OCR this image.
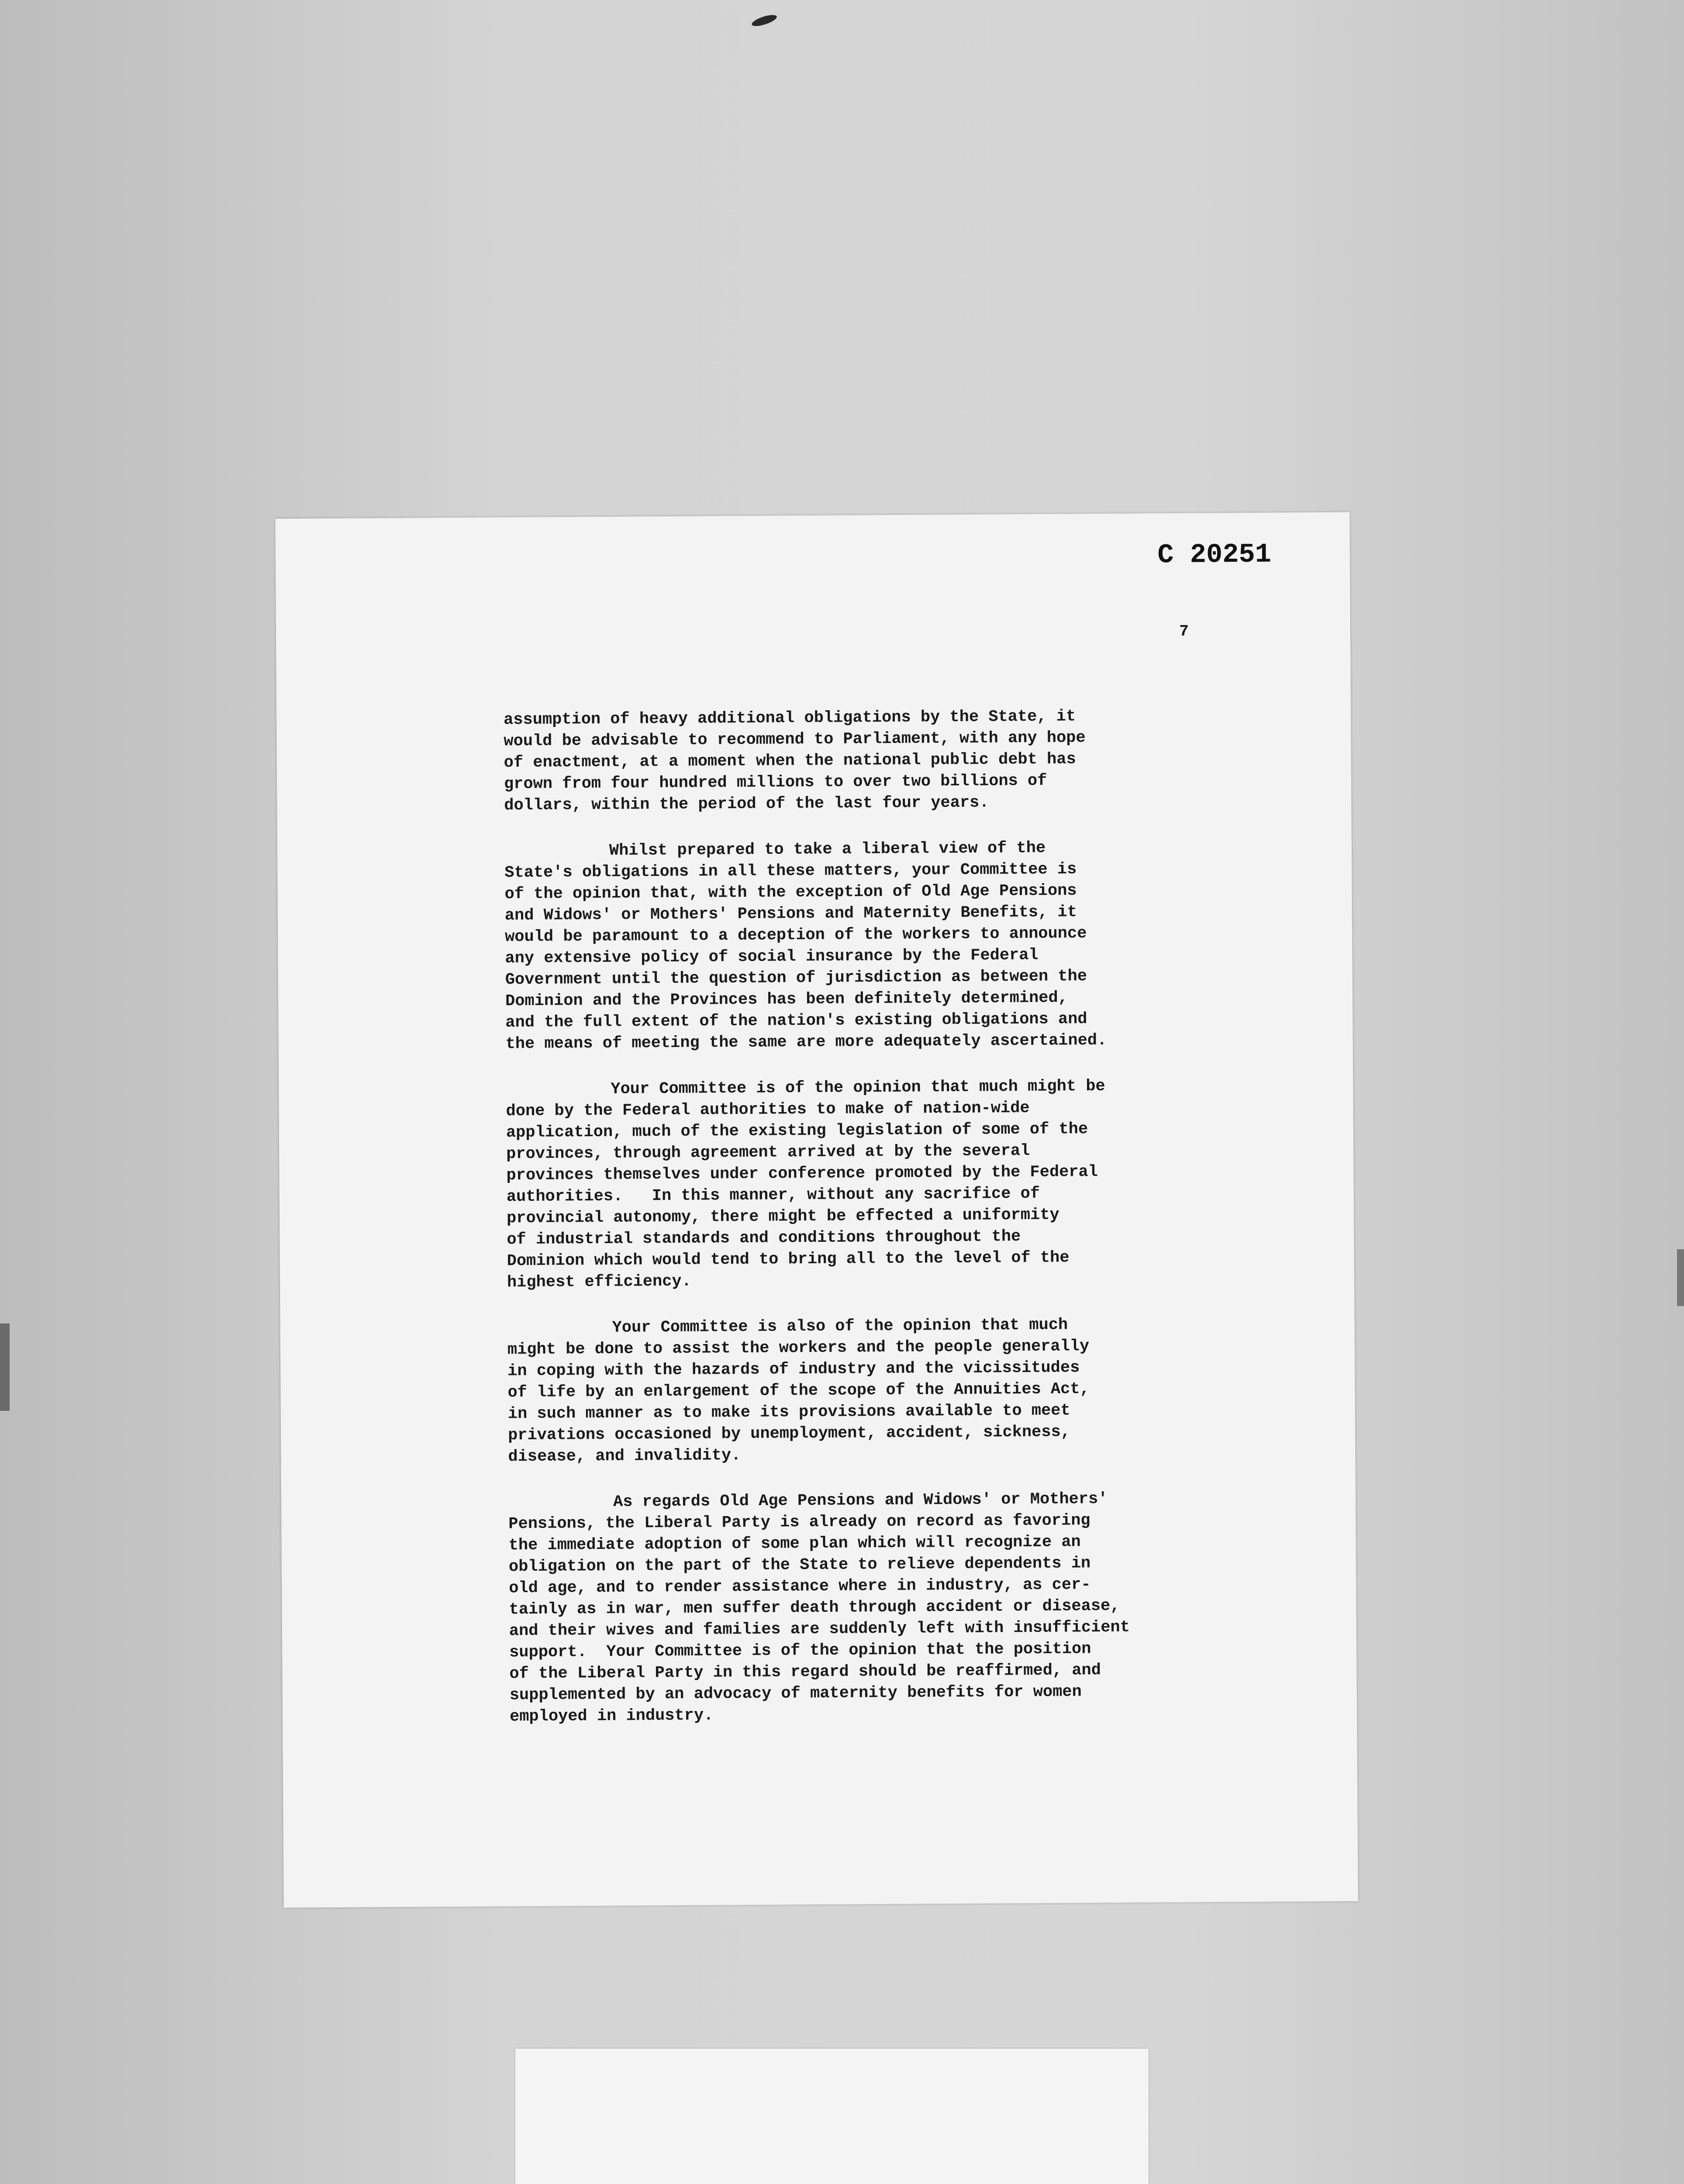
C 20251
7
assumption of heavy additional obligations by the State, it
would be advisable to recommend to Parliament, with any hope
of enactment, at a moment when the national public debt has
grown from four hundred millions to over two billions of
dollars, within the period of the last four years.
Whilst prepared to take a liberal view of the
State's obligations in all these matters, your Committee is
of the opinion that, with the exception of Old Age Pensions
and Widows' or Mothers' Pensions and Maternity Benefits, it
would be paramount to a deception of the workers to announce
any extensive policy of social insurance by the Federal
Government until the question of jurisdiction as between the
Dominion and the Provinces has been definitely determined,
and the full extent of the nation's existing obligations and
the means of meeting the same are more adequately ascertained.
Your Committee is of the opinion that much might be
done by the Federal authorities to make of nation-wide
application, much of the existing legislation of some of the
provinces, through agreement arrived at by the several
provinces themselves under conference promoted by the Federal
authorities.   In this manner, without any sacrifice of
provincial autonomy, there might be effected a uniformity
of industrial standards and conditions throughout the
Dominion which would tend to bring all to the level of the
highest efficiency.
Your Committee is also of the opinion that much
might be done to assist the workers and the people generally
in coping with the hazards of industry and the vicissitudes
of life by an enlargement of the scope of the Annuities Act,
in such manner as to make its provisions available to meet
privations occasioned by unemployment, accident, sickness,
disease, and invalidity.
As regards Old Age Pensions and Widows' or Mothers'
Pensions, the Liberal Party is already on record as favoring
the immediate adoption of some plan which will recognize an
obligation on the part of the State to relieve dependents in
old age, and to render assistance where in industry, as cer-
tainly as in war, men suffer death through accident or disease,
and their wives and families are suddenly left with insufficient
support.  Your Committee is of the opinion that the position
of the Liberal Party in this regard should be reaffirmed, and
supplemented by an advocacy of maternity benefits for women
employed in industry.
